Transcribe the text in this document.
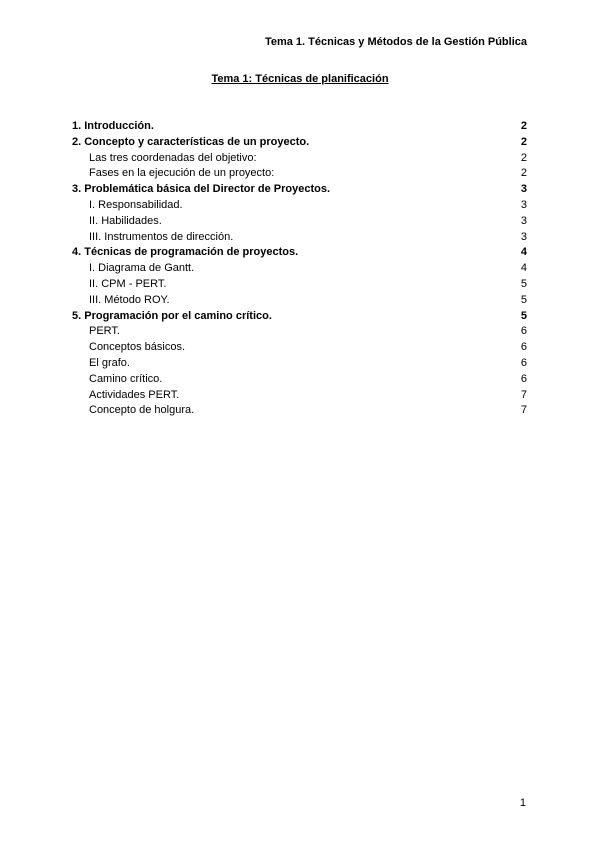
Tema 1. Técnicas y Métodos de la Gestión Pública
Tema 1: Técnicas de planificación
1. Introducción.	2
2. Concepto y características de un proyecto.	2
Las tres coordenadas del objetivo:	2
Fases en la ejecución de un proyecto:	2
3. Problemática básica del Director de Proyectos.	3
I. Responsabilidad.	3
II. Habilidades.	3
III. Instrumentos de dirección.	3
4. Técnicas de programación de proyectos.	4
I. Diagrama de Gantt.	4
II. CPM - PERT.	5
III. Método ROY.	5
5. Programación por el camino crítico.	5
PERT.	6
Conceptos básicos.	6
El grafo.	6
Camino crítico.	6
Actividades PERT.	7
Concepto de holgura.	7
1
